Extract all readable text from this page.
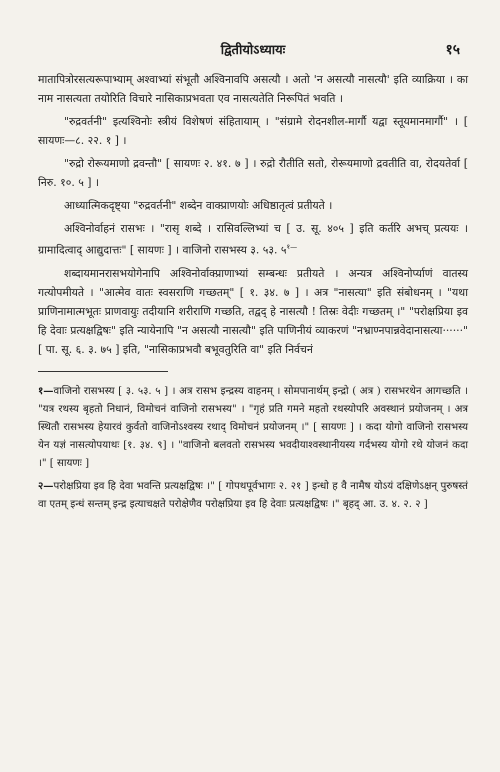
द्वितीयोऽध्यायः	१५

मातापित्रोरसत्यरूपाभ्याम् अश्वाभ्यां संभूतौ अश्विनावपि असत्यौ । अतो 'न असत्यौ नासत्यौ' इति व्याक्रिया । का नाम नासत्यता तयोरिति विचारे नासिकाप्रभवता एव नासत्यतेति निरूपितं भवति ।

"रुद्रवर्तनी" इत्यश्विनोः स्त्रीयं विशेषणं संहितायाम् । "संग्रामे रोदनशील-मार्गौ यद्वा स्तूयमानमार्गौ" । [ सायणः—८. २२. १ ] ।

"रुद्रो रोरूयमाणो द्रवन्तौ" [ सायणः २. ४१. ७ ] । रुद्रो रौतीति सतो, रोरूयमाणो द्रवतीति वा, रोदयतेर्वा [ निरु. १०. ५ ] ।

आध्यात्मिकदृष्ट्या "रुद्रवर्तनी" शब्देन वाक्प्राणयोः अधिष्ठातृत्वं प्रतीयते ।

अश्विनोर्वाहनं रासभः । "रासृ शब्दे । रासिवल्लिभ्यां च [ उ. सू. ४०५ ] इति कर्तरि अभच् प्रत्ययः । ग्रामादित्वाद् आद्युदात्तः" [ सायणः ] । वाजिनो रासभस्य ३. ५३. $५^{१—}$

शब्दायमानरासभयोगेनापि अश्विनोर्वाक्प्राणाभ्यां सम्बन्धः प्रतीयते । अन्यत्र अश्विनोर्प्याणं वातस्य गत्योपमीयते । "आत्मेव वातः स्वसराणि गच्छतम्" [ १. ३४. ७ ] । अत्र "नासत्या" इति संबोधनम् । "यथा प्राणिनामात्मभूतः प्राणवायुः तदीयानि शरीराणि गच्छति, तद्वद् हे नासत्यौ ! तिस्रः वेदीः गच्छतम् ।" "परोक्षप्रिया इव हि देवाः प्रत्यक्षद्विषः" इति न्यायेनापि "न असत्यौ नासत्यौ" इति पाणिनीयं व्याकरणं "नभ्राण्नपान्नवेदानासत्या······" [ पा. सू. ६. ३. ७५ ] इति, "नासिकाप्रभवौ बभूवतुरिति वा" इति निर्वचनं

१—वाजिनो रासभस्य [ ३. ५३. ५ ] । अत्र रासभ इन्द्रस्य वाहनम् । सोमपानार्थम् इन्द्रो ( अत्र ) रासभरथेन आगच्छति । "यत्र रथस्य बृहतो निधानं, विमोचनं वाजिनो रासभस्य" । "गृहं प्रति गमने महतो रथस्योपरि अवस्थानं प्रयोजनम् । अत्र स्थितौ रासभस्य हेयारवं कुर्वतो वाजिनोऽश्वस्य रथाद् विमोचनं प्रयोजनम् ।" [ सायणः ] । कदा योगो वाजिनो रासभस्य येन यज्ञं नासत्योपयाथः [१. ३४. ९] । "वाजिनो बलवतो रासभस्य भवदीयाश्वस्थानीयस्य गर्दभस्य योगो रथे योजनं कदा ।" [ सायणः ]

२—परोक्षप्रिया इव हि देवा भवन्ति प्रत्यक्षद्विषः ।" [ गोपथपूर्वभागः २. २१ ] इन्धो ह वै नामैष योऽयं दक्षिणेऽक्षन् पुरुषस्तं वा एतम् इन्धं सन्तम् इन्द्र इत्याचक्षते परोक्षेणैव परोक्षप्रिया इव हि देवाः प्रत्यक्षद्विषः ।" बृहद् आ. उ. ४. २. २ ]
